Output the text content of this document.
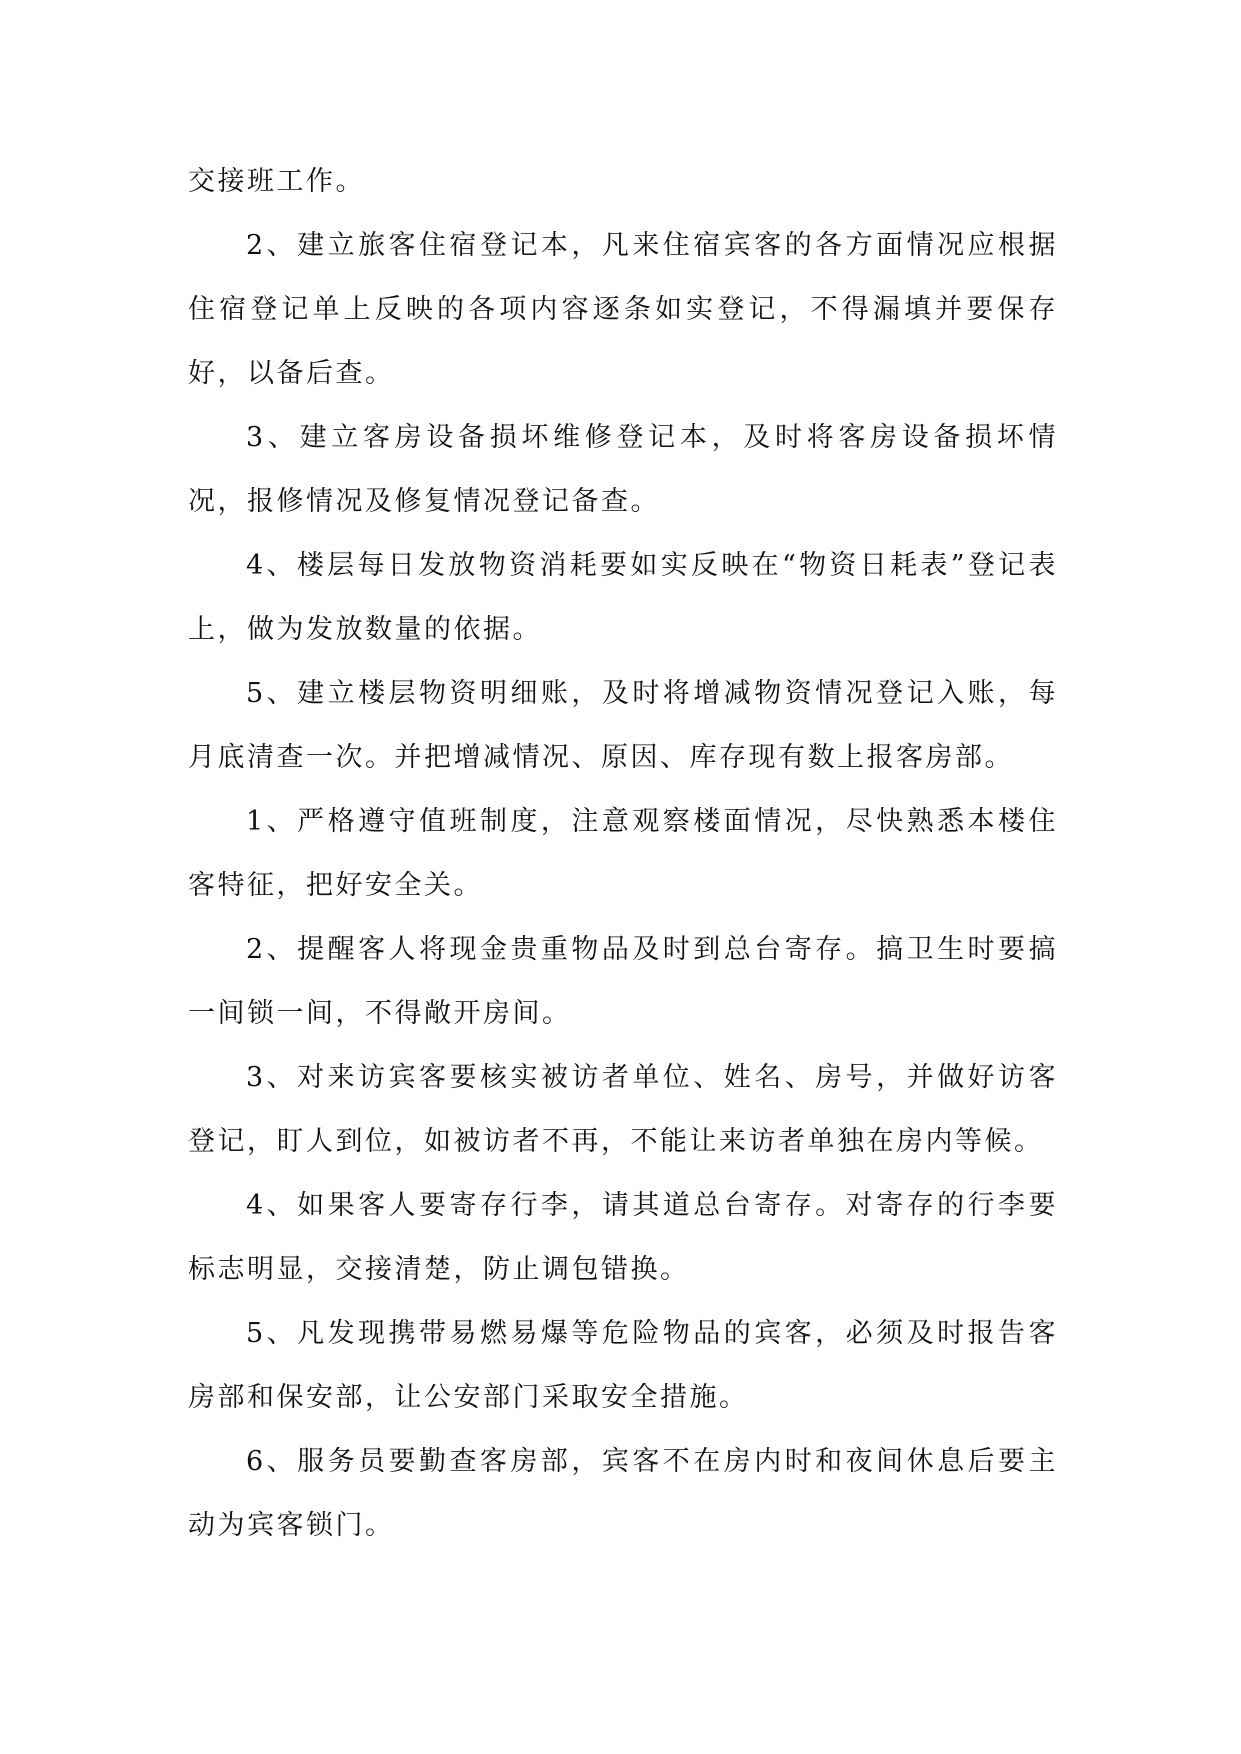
交接班工作。

2、建立旅客住宿登记本，凡来住宿宾客的各方面情况应根据住宿登记单上反映的各项内容逐条如实登记，不得漏填并要保存好，以备后查。

3、建立客房设备损坏维修登记本，及时将客房设备损坏情况，报修情况及修复情况登记备查。

4、楼层每日发放物资消耗要如实反映在“物资日耗表”登记表上，做为发放数量的依据。

5、建立楼层物资明细账，及时将增减物资情况登记入账，每月底清查一次。并把增减情况、原因、库存现有数上报客房部。

1、严格遵守值班制度，注意观察楼面情况，尽快熟悉本楼住客特征，把好安全关。

2、提醒客人将现金贵重物品及时到总台寄存。搞卫生时要搞一间锁一间，不得敞开房间。

3、对来访宾客要核实被访者单位、姓名、房号，并做好访客登记，盯人到位，如被访者不再，不能让来访者单独在房内等候。

4、如果客人要寄存行李，请其道总台寄存。对寄存的行李要标志明显，交接清楚，防止调包错换。

5、凡发现携带易燃易爆等危险物品的宾客，必须及时报告客房部和保安部，让公安部门采取安全措施。

6、服务员要勤查客房部，宾客不在房内时和夜间休息后要主动为宾客锁门。
